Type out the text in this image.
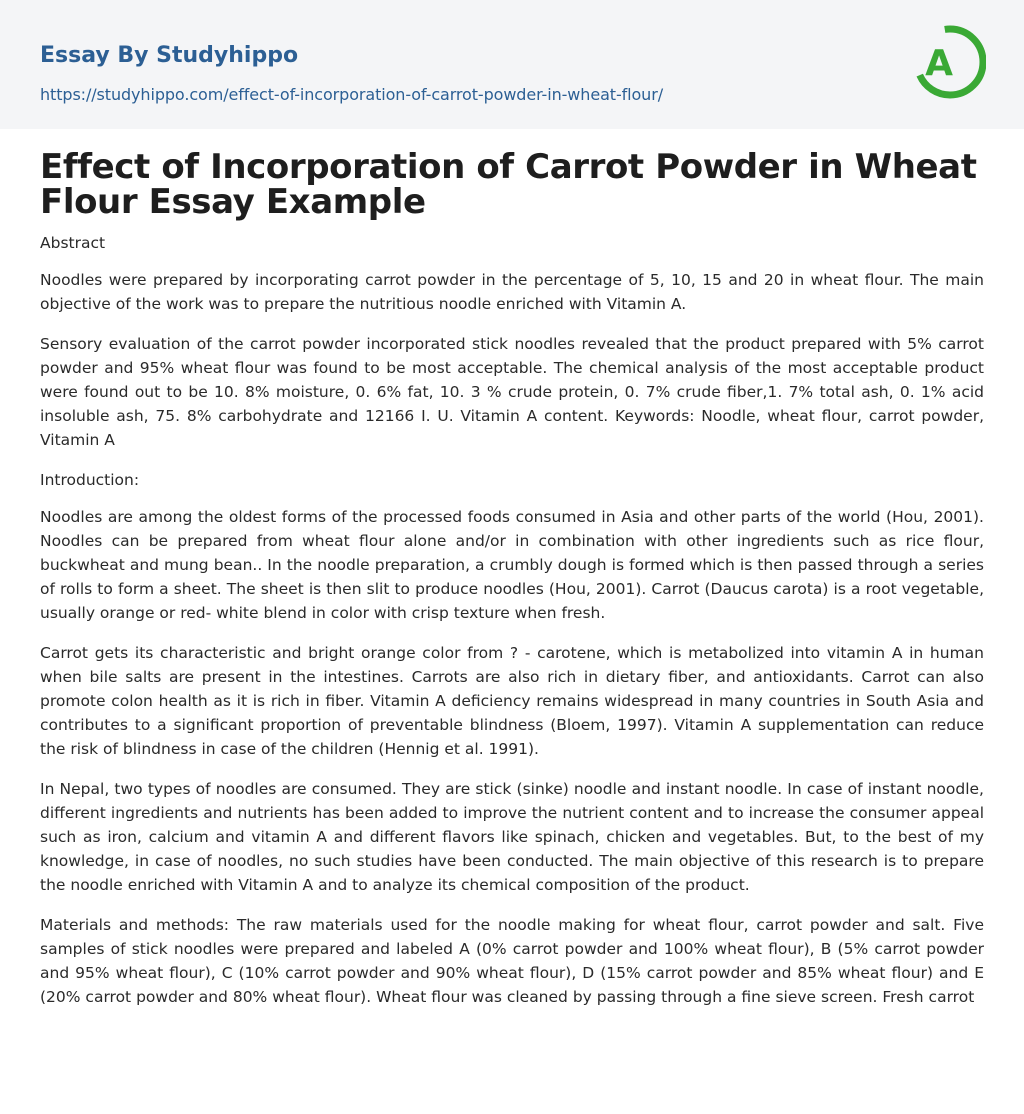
Essay By Studyhippo
https://studyhippo.com/effect-of-incorporation-of-carrot-powder-in-wheat-flour/
A
Effect of Incorporation of Carrot Powder in Wheat Flour Essay Example

Abstract

Noodles were prepared by incorporating carrot powder in the percentage of 5, 10, 15 and 20 in wheat flour. The main objective of the work was to prepare the nutritious noodle enriched with Vitamin A.

Sensory evaluation of the carrot powder incorporated stick noodles revealed that the product prepared with 5% carrot powder and 95% wheat flour was found to be most acceptable. The chemical analysis of the most acceptable product were found out to be 10. 8% moisture, 0. 6% fat, 10. 3 % crude protein, 0. 7% crude fiber,1. 7% total ash, 0. 1% acid insoluble ash, 75. 8% carbohydrate and 12166 I. U. Vitamin A content. Keywords: Noodle, wheat flour, carrot powder, Vitamin A

Introduction:

Noodles are among the oldest forms of the processed foods consumed in Asia and other parts of the world (Hou, 2001). Noodles can be prepared from wheat flour alone and/or in combination with other ingredients such as rice flour, buckwheat and mung bean.. In the noodle preparation, a crumbly dough is formed which is then passed through a series of rolls to form a sheet. The sheet is then slit to produce noodles (Hou, 2001). Carrot (Daucus carota) is a root vegetable, usually orange or red- white blend in color with crisp texture when fresh.

Carrot gets its characteristic and bright orange color from ? - carotene, which is metabolized into vitamin A in human when bile salts are present in the intestines. Carrots are also rich in dietary fiber, and antioxidants. Carrot can also promote colon health as it is rich in fiber. Vitamin A deficiency remains widespread in many countries in South Asia and contributes to a significant proportion of preventable blindness (Bloem, 1997). Vitamin A supplementation can reduce the risk of blindness in case of the children (Hennig et al. 1991).

In Nepal, two types of noodles are consumed. They are stick (sinke) noodle and instant noodle. In case of instant noodle, different ingredients and nutrients has been added to improve the nutrient content and to increase the consumer appeal such as iron, calcium and vitamin A and different flavors like spinach, chicken and vegetables. But, to the best of my knowledge, in case of noodles, no such studies have been conducted. The main objective of this research is to prepare the noodle enriched with Vitamin A and to analyze its chemical composition of the product.

Materials and methods: The raw materials used for the noodle making for wheat flour, carrot powder and salt. Five samples of stick noodles were prepared and labeled A (0% carrot powder and 100% wheat flour), B (5% carrot powder and 95% wheat flour), C (10% carrot powder and 90% wheat flour), D (15% carrot powder and 85% wheat flour) and E (20% carrot powder and 80% wheat flour). Wheat flour was cleaned by passing through a fine sieve screen. Fresh carrot
